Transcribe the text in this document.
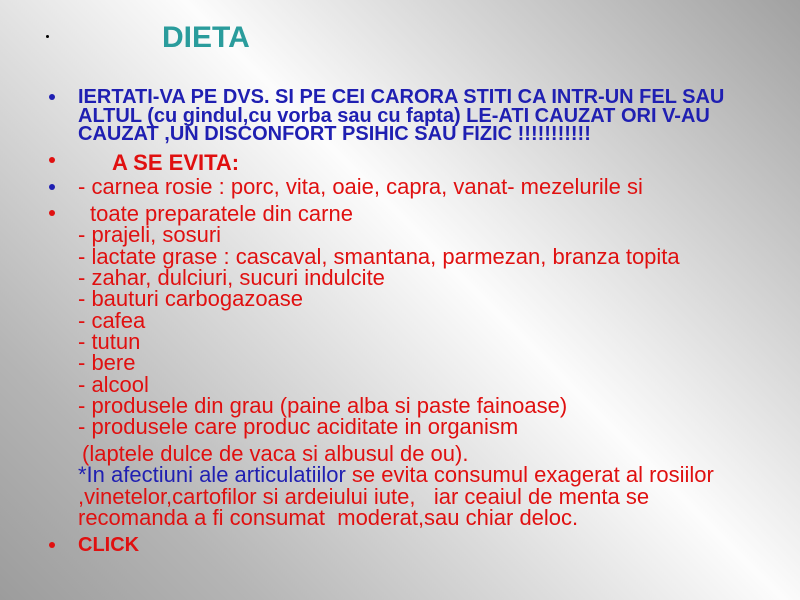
DIETA
IERTATI-VA PE DVS. SI PE CEI CARORA STITI CA INTR-UN FEL SAU
ALTUL (cu gindul,cu vorba sau cu fapta) LE-ATI CAUZAT ORI V-AU
CAUZAT ,UN DISCONFORT PSIHIC SAU FIZIC !!!!!!!!!!!
A SE EVITA:
- carnea rosie : porc, vita, oaie, capra, vanat- mezelurile si
toate preparatele din carne
- prajeli, sosuri
- lactate grase : cascaval, smantana, parmezan, branza topita
- zahar, dulciuri, sucuri indulcite
- bauturi carbogazoase
- cafea
- tutun
- bere
- alcool
- produsele din grau (paine alba si paste fainoase)
- produsele care produc aciditate in organism
(laptele dulce de vaca si albusul de ou).
*In afectiuni ale articulatiilor se evita consumul exagerat al rosiilor
,vinetelor,cartofilor si ardeiului iute,   iar ceaiul de menta se
recomanda a fi consumat  moderat,sau chiar deloc.
CLICK
